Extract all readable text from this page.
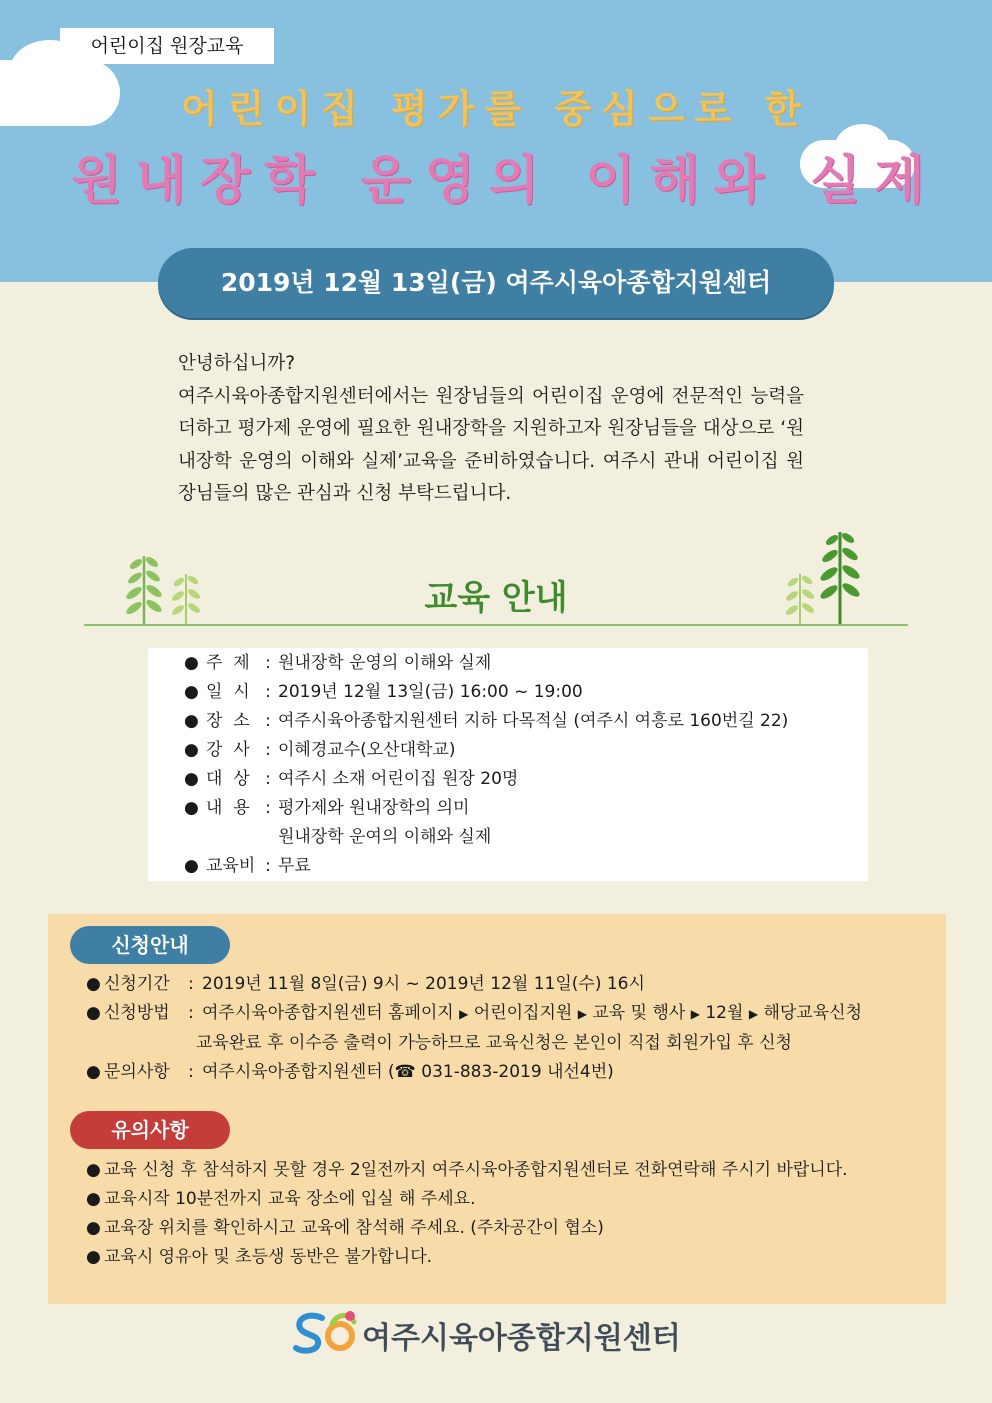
어린이집 원장교육
어린이집 평가를 중심으로 한
원내장학 운영의 이해와 실제
2019년 12월 13일(금) 여주시육아종합지원센터

안녕하십니까?

여주시육아종합지원센터에서는 원장님들의 어린이집 운영에 전문적인 능력을 더하고 평가제 운영에 필요한 원내장학을 지원하고자 원장님들을 대상으로 ‘원내장학 운영의 이해와 실제’교육을 준비하였습니다. 여주시 관내 어린이집 원장님들의 많은 관심과 신청 부탁드립니다.

교육 안내
● 주  제 : 원내장학 운영의 이해와 실제
● 일  시 : 2019년 12월 13일(금) 16:00 ~ 19:00
● 장  소 : 여주시육아종합지원센터 지하 다목적실 (여주시 여흥로 160번길 22)
● 강  사 : 이혜경교수(오산대학교)
● 대  상 : 여주시 소재 어린이집 원장 20명
● 내  용 : 평가제와 원내장학의 의미
원내장학 운여의 이해와 실제
● 교육비 : 무료
신청안내
● 신청기간 : 2019년 11월 8일(금) 9시 ~ 2019년 12월 11일(수) 16시
● 신청방법 : 여주시육아종합지원센터 홈페이지 ▶ 어린이집지원 ▶ 교육 및 행사 ▶ 12월 ▶ 해당교육신청
교육완료 후 이수증 출력이 가능하므로 교육신청은 본인이 직접 회원가입 후 신청
● 문의사항 : 여주시육아종합지원센터 (☎ 031-883-2019 내선4번)
유의사항
● 교육 신청 후 참석하지 못할 경우 2일전까지 여주시육아종합지원센터로 전화연락해 주시기 바랍니다.
● 교육시작 10분전까지 교육 장소에 입실 해 주세요.
● 교육장 위치를 확인하시고 교육에 참석해 주세요. (주차공간이 협소)
● 교육시 영유아 및 초등생 동반은 불가합니다.
여주시육아종합지원센터
